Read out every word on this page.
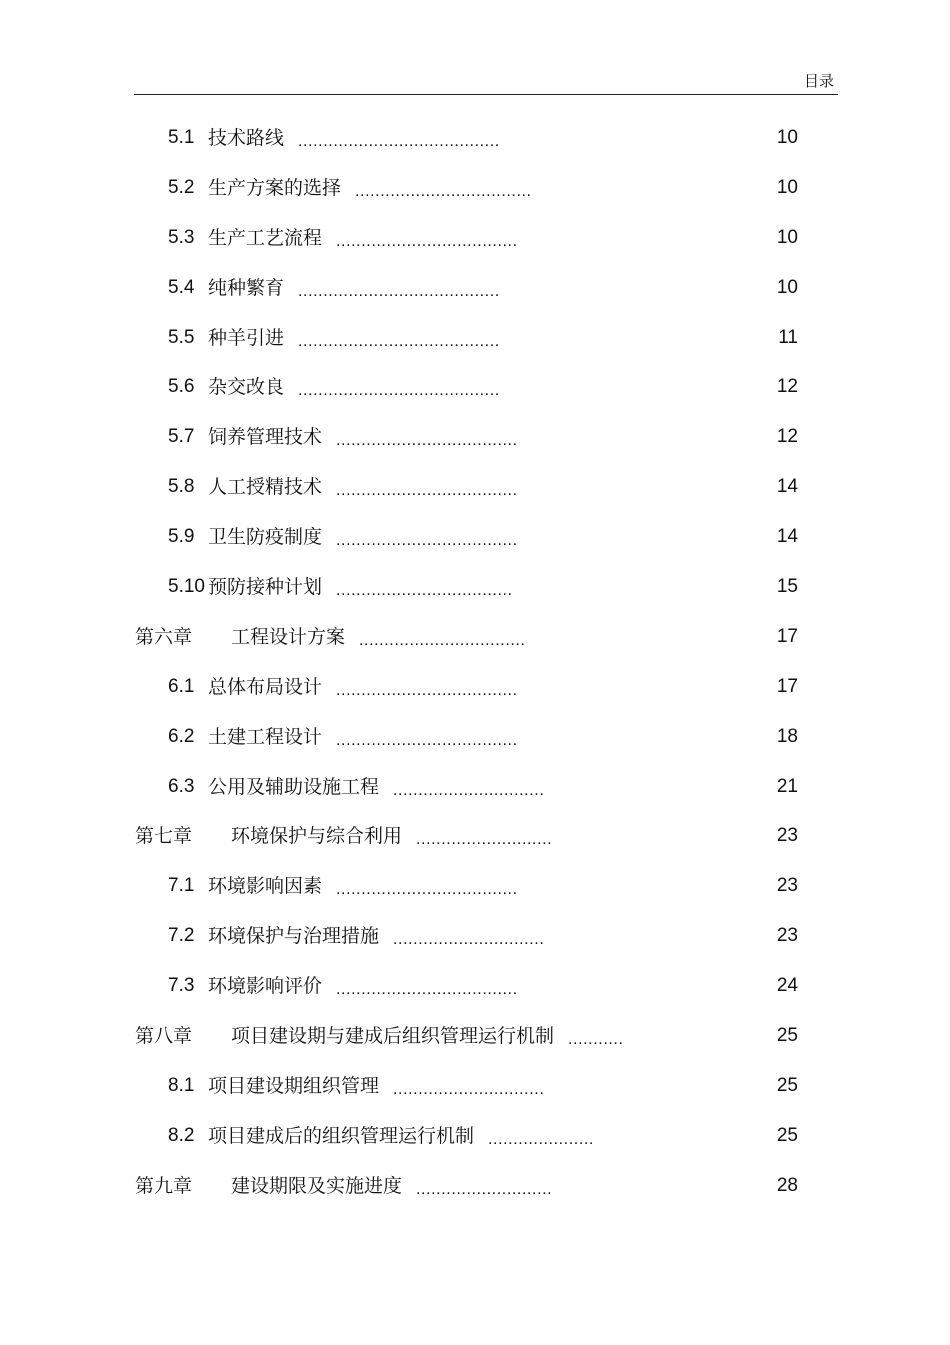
目录
5.1 技术路线 ........................................	10
5.2 生产方案的选择 ...................................	10
5.3 生产工艺流程 ....................................	10
5.4 纯种繁育 ........................................	10
5.5 种羊引进 ........................................	11
5.6 杂交改良 ........................................	12
5.7 饲养管理技术 ....................................	12
5.8 人工授精技术 ....................................	14
5.9 卫生防疫制度 ....................................	14
5.10 预防接种计划 ...................................	15
第六章 工程设计方案 .................................	17
6.1 总体布局设计 ....................................	17
6.2 土建工程设计 ....................................	18
6.3 公用及辅助设施工程 ..............................	21
第七章 环境保护与综合利用 ...........................	23
7.1 环境影响因素 ....................................	23
7.2 环境保护与治理措施 ..............................	23
7.3 环境影响评价 ....................................	24
第八章 项目建设期与建成后组织管理运行机制 ...........	25
8.1 项目建设期组织管理 ..............................	25
8.2 项目建成后的组织管理运行机制 .....................	25
第九章 建设期限及实施进度 ...........................	28
